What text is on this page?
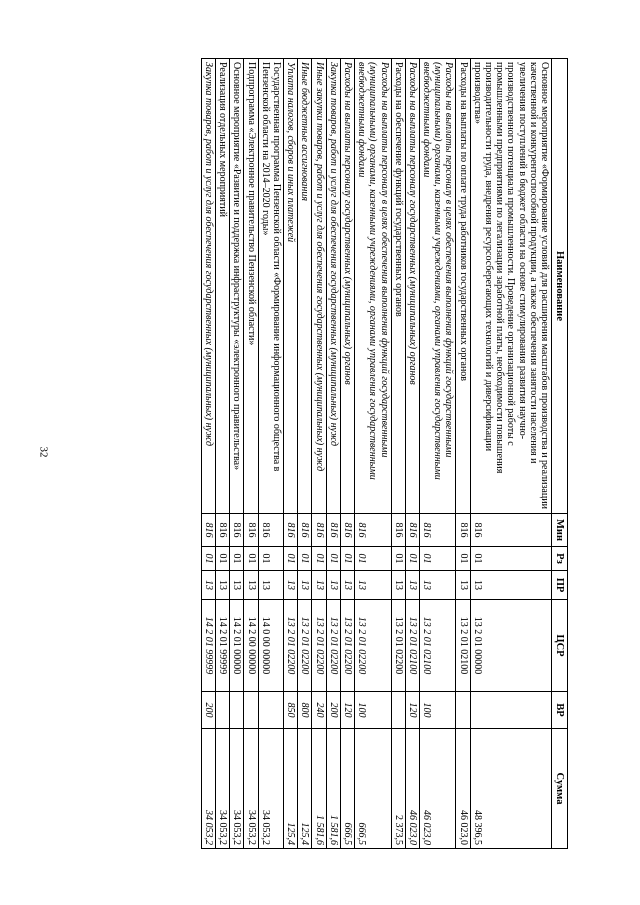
32
Наименование	Мин	Рз	ПР	ЦСР	ВР	Сумма
Основное мероприятие «Формирование условий для расширения масштабов производства и реализации качественной и конкурентоспособной продукции, а также обеспечения занятости населения и увеличения поступлений в бюджет области на основе стимулирования развития научно-производственного потенциала промышленности. Проведение организационной работы с промышленными предприятиями по легализации заработной платы, необходимости повышения производительности труда, внедрения ресурсосберегающих технологий и диверсификации производства»	816	01	13	13 2 01 00000		48 396,5
Расходы на выплаты по оплате труда работников государственных органов	816	01	13	13 2 01 02100		46 023,0
Расходы на выплаты персоналу в целях обеспечения выполнения функций государственными (муниципальными) органами, казенными учреждениями, органами управления государственными внебюджетными фондами	816	01	13	13 2 01 02100	100	46 023,0
Расходы на выплаты персоналу государственных (муниципальных) органов	816	01	13	13 2 01 02100	120	46 023,0
Расходы на обеспечение функций государственных органов	816	01	13	13 2 01 02200		2 373,5
Расходы на выплаты персоналу в целях обеспечения выполнения функций государственными (муниципальными) органами, казенными учреждениями, органами управления государственными внебюджетными фондами	816	01	13	13 2 01 02200	100	666,5
Расходы на выплаты персоналу государственных (муниципальных) органов	816	01	13	13 2 01 02200	120	666,5
Закупка товаров, работ и услуг для обеспечения государственных (муниципальных) нужд	816	01	13	13 2 01 02200	200	1 581,6
Иные закупки товаров, работ и услуг для обеспечения государственных (муниципальных) нужд	816	01	13	13 2 01 02200	240	1 581,6
Иные бюджетные ассигнования	816	01	13	13 2 01 02200	800	125,4
Уплата налогов, сборов и иных платежей	816	01	13	13 2 01 02200	850	125,4
Государственная программа Пензенской области «Формирование информационного общества в Пензенской области на 2014–2020 годы»	816	01	13	14 0 00 00000		34 053,2
Подпрограмма «Электронное правительство Пензенской области»	816	01	13	14 2 00 00000		34 053,2
Основное мероприятие «Развитие и поддержка инфраструктуры «электронного правительства»	816	01	13	14 2 01 00000		34 053,2
Реализация отдельных мероприятий	816	01	13	14 2 01 99999		34 053,2
Закупка товаров, работ и услуг для обеспечения государственных (муниципальных) нужд	816	01	13	14 2 01 99999	200	34 053,2
